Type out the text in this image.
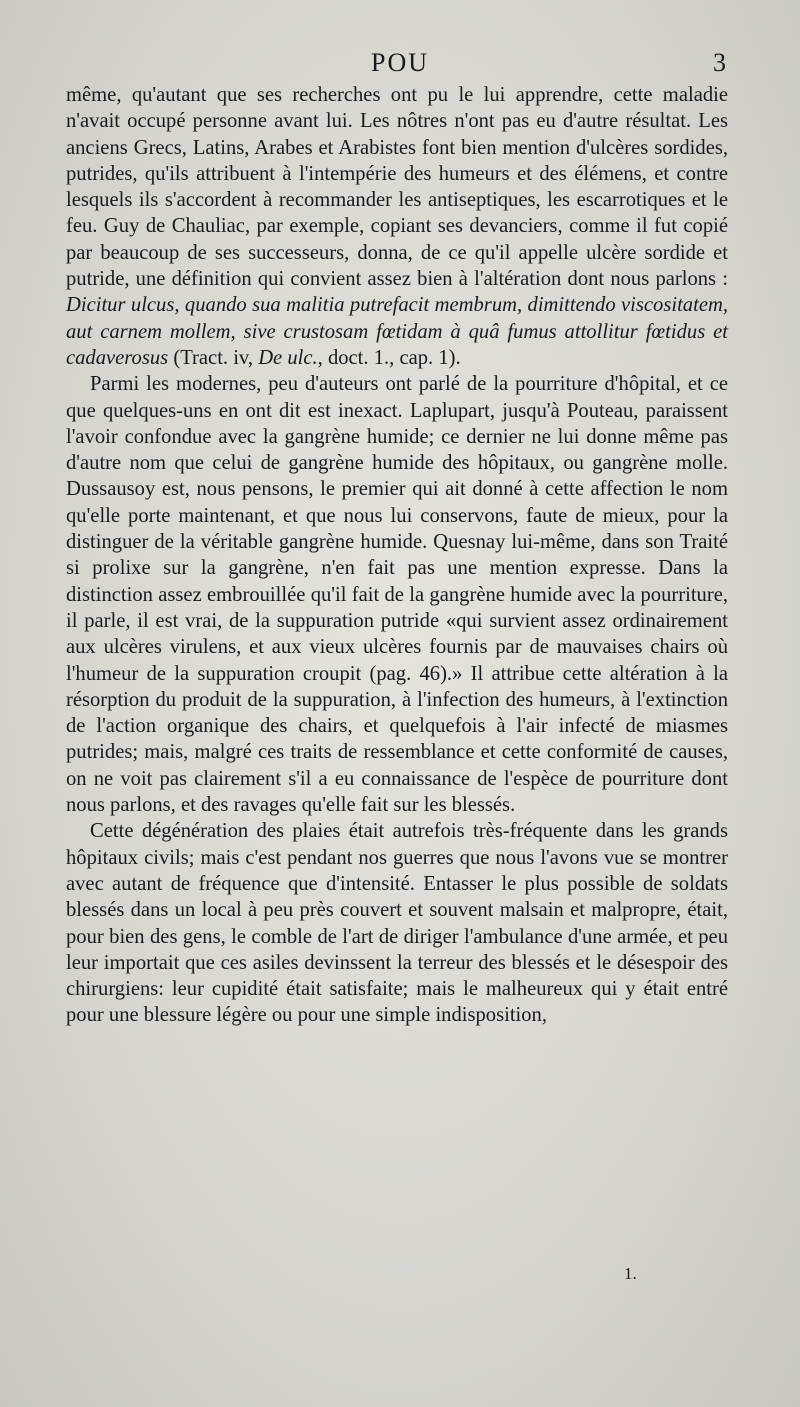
POU	3

même, qu'autant que ses recherches ont pu le lui apprendre, cette maladie n'avait occupé personne avant lui. Les nôtres n'ont pas eu d'autre résultat. Les anciens Grecs, Latins, Arabes et Arabistes font bien mention d'ulcères sordides, putrides, qu'ils attribuent à l'intempérie des humeurs et des élémens, et contre lesquels ils s'accordent à recommander les antiseptiques, les escarrotiques et le feu. Guy de Chauliac, par exemple, copiant ses devanciers, comme il fut copié par beaucoup de ses successeurs, donna, de ce qu'il appelle ulcère sordide et putride, une définition qui convient assez bien à l'altération dont nous parlons : Dicitur ulcus, quando sua malitia putrefacit membrum, dimittendo viscositatem, aut carnem mollem, sive crustosam fœtidam à quâ fumus attollitur fœtidus et cadaverosus (Tract. iv, De ulc., doct. 1., cap. 1).

Parmi les modernes, peu d'auteurs ont parlé de la pourriture d'hôpital, et ce que quelques-uns en ont dit est inexact. Laplupart, jusqu'à Pouteau, paraissent l'avoir confondue avec la gangrène humide; ce dernier ne lui donne même pas d'autre nom que celui de gangrène humide des hôpitaux, ou gangrène molle. Dussausoy est, nous pensons, le premier qui ait donné à cette affection le nom qu'elle porte maintenant, et que nous lui conservons, faute de mieux, pour la distinguer de la véritable gangrène humide. Quesnay lui-même, dans son Traité si prolixe sur la gangrène, n'en fait pas une mention expresse. Dans la distinction assez embrouillée qu'il fait de la gangrène humide avec la pourriture, il parle, il est vrai, de la suppuration putride «qui survient assez ordinairement aux ulcères virulens, et aux vieux ulcères fournis par de mauvaises chairs où l'humeur de la suppuration croupit (pag. 46).» Il attribue cette altération à la résorption du produit de la suppuration, à l'infection des humeurs, à l'extinction de l'action organique des chairs, et quelquefois à l'air infecté de miasmes putrides; mais, malgré ces traits de ressemblance et cette conformité de causes, on ne voit pas clairement s'il a eu connaissance de l'espèce de pourriture dont nous parlons, et des ravages qu'elle fait sur les blessés.

Cette dégénération des plaies était autrefois très-fréquente dans les grands hôpitaux civils; mais c'est pendant nos guerres que nous l'avons vue se montrer avec autant de fréquence que d'intensité. Entasser le plus possible de soldats blessés dans un local à peu près couvert et souvent malsain et malpropre, était, pour bien des gens, le comble de l'art de diriger l'ambulance d'une armée, et peu leur importait que ces asiles devinssent la terreur des blessés et le désespoir des chirurgiens: leur cupidité était satisfaite; mais le malheureux qui y était entré pour une blessure légère ou pour une simple indisposition,

1.
